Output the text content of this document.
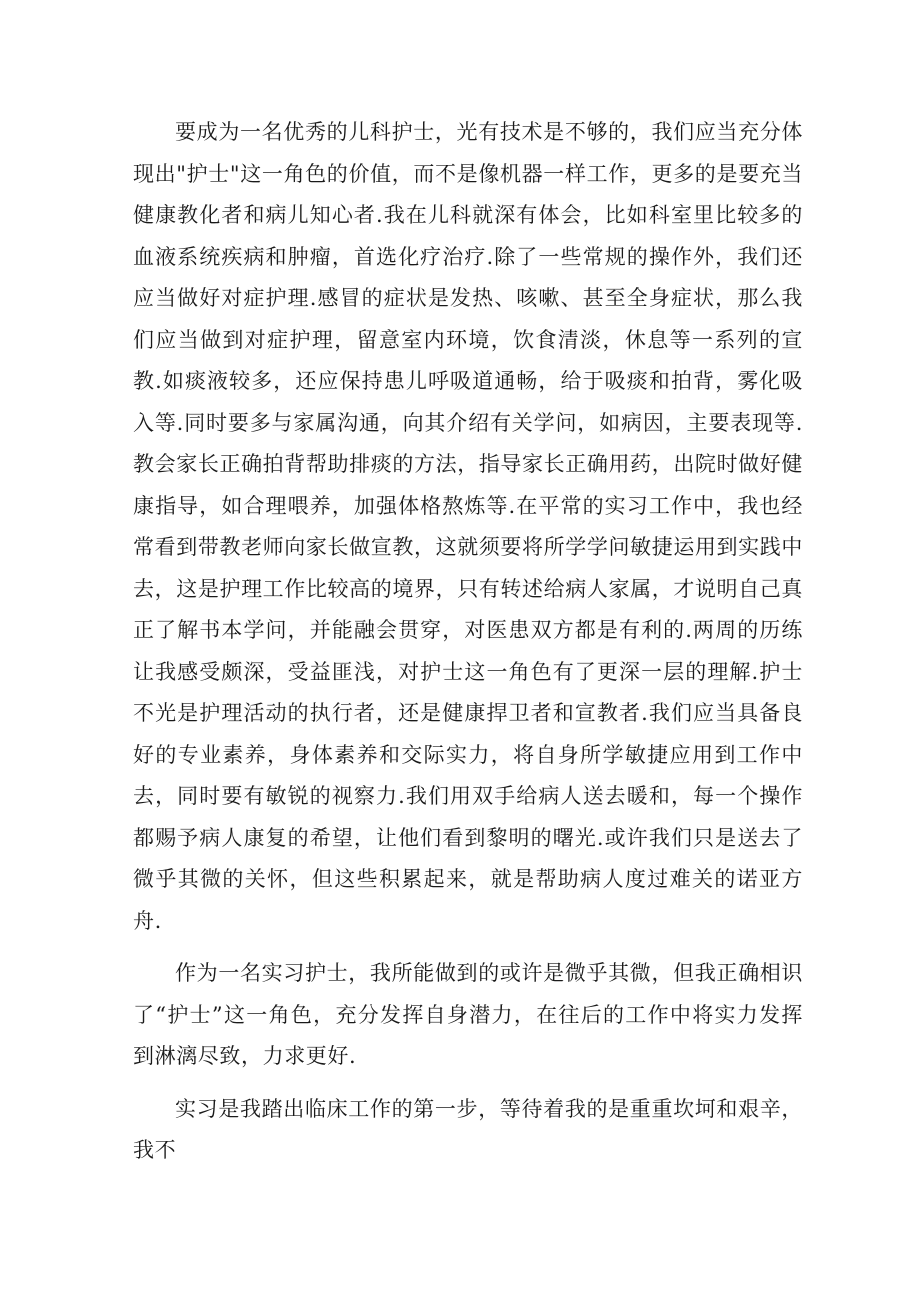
要成为一名优秀的儿科护士，光有技术是不够的，我们应当充分体现出"护士"这一角色的价值，而不是像机器一样工作，更多的是要充当健康教化者和病儿知心者.我在儿科就深有体会，比如科室里比较多的血液系统疾病和肿瘤，首选化疗治疗.除了一些常规的操作外，我们还应当做好对症护理.感冒的症状是发热、咳嗽、甚至全身症状，那么我们应当做到对症护理，留意室内环境，饮食清淡，休息等一系列的宣教.如痰液较多，还应保持患儿呼吸道通畅，给于吸痰和拍背，雾化吸入等.同时要多与家属沟通，向其介绍有关学问，如病因，主要表现等.教会家长正确拍背帮助排痰的方法，指导家长正确用药，出院时做好健康指导，如合理喂养，加强体格熬炼等.在平常的实习工作中，我也经常看到带教老师向家长做宣教，这就须要将所学学问敏捷运用到实践中去，这是护理工作比较高的境界，只有转述给病人家属，才说明自己真正了解书本学问，并能融会贯穿，对医患双方都是有利的.两周的历练让我感受颇深，受益匪浅，对护士这一角色有了更深一层的理解.护士不光是护理活动的执行者，还是健康捍卫者和宣教者.我们应当具备良好的专业素养，身体素养和交际实力，将自身所学敏捷应用到工作中去，同时要有敏锐的视察力.我们用双手给病人送去暖和，每一个操作都赐予病人康复的希望，让他们看到黎明的曙光.或许我们只是送去了微乎其微的关怀，但这些积累起来，就是帮助病人度过难关的诺亚方舟.

作为一名实习护士，我所能做到的或许是微乎其微，但我正确相识了“护士”这一角色，充分发挥自身潜力，在往后的工作中将实力发挥到淋漓尽致，力求更好.

实习是我踏出临床工作的第一步，等待着我的是重重坎坷和艰辛，我不
